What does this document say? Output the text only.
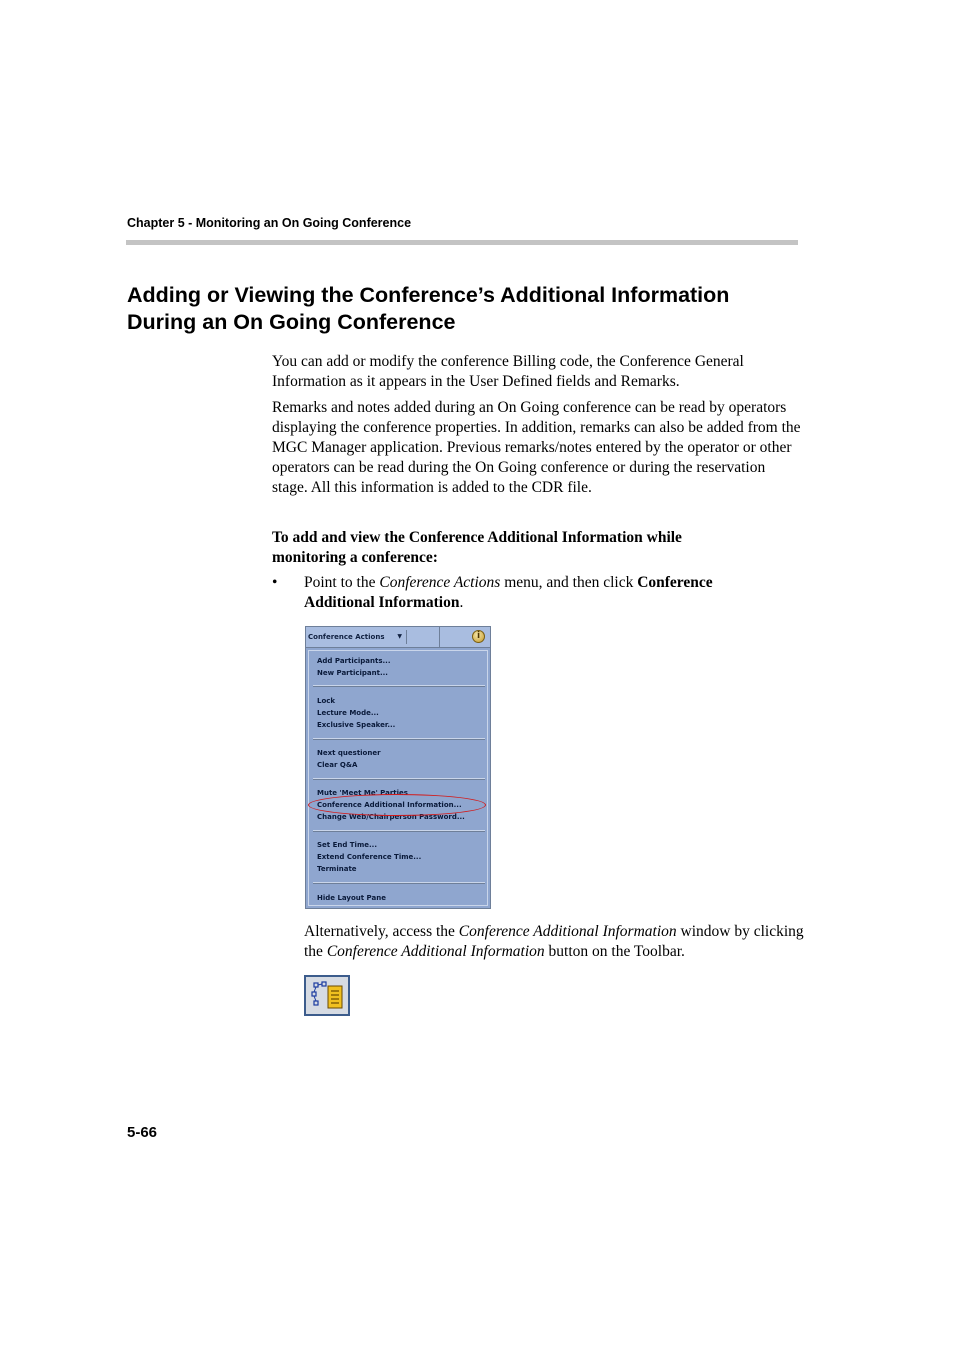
Chapter 5 - Monitoring an On Going Conference
Adding or Viewing the Conference’s Additional Information
During an On Going Conference

You can add or modify the conference Billing code, the Conference General Information as it appears in the User Defined fields and Remarks.

Remarks and notes added during an On Going conference can be read by operators displaying the conference properties. In addition, remarks can also be added from the MGC Manager application. Previous remarks/notes entered by the operator or other operators can be read during the On Going conference or during the reservation stage. All this information is added to the CDR file.

To add and view the Conference Additional Information while monitoring a conference:

• Point to the Conference Actions menu, and then click Conference Additional Information.
Conference Actions ▼	i
Add Participants...
New Participant...
Lock
Lecture Mode...
Exclusive Speaker...
Next questioner
Clear Q&A
Mute 'Meet Me' Parties
Conference Additional Information...
Change Web/Chairperson Password...
Set End Time...
Extend Conference Time...
Terminate
Hide Layout Pane
Alternatively, access the Conference Additional Information window by clicking the Conference Additional Information button on the Toolbar.
5-66
